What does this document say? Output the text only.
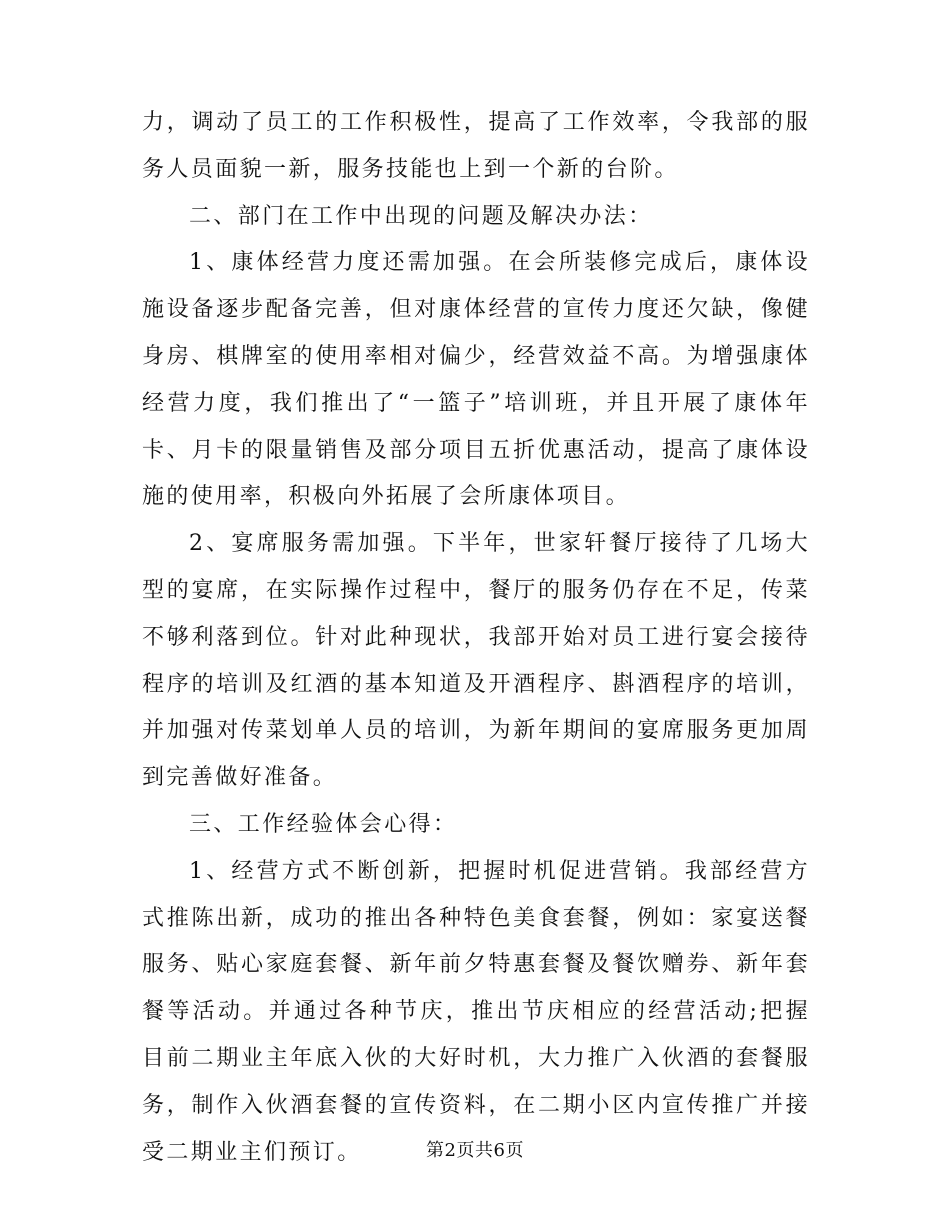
力，调动了员工的工作积极性，提高了工作效率，令我部的服务人员面貌一新，服务技能也上到一个新的台阶。

二、部门在工作中出现的问题及解决办法：

1、康体经营力度还需加强。在会所装修完成后，康体设施设备逐步配备完善，但对康体经营的宣传力度还欠缺，像健身房、棋牌室的使用率相对偏少，经营效益不高。为增强康体经营力度，我们推出了“一篮子”培训班，并且开展了康体年卡、月卡的限量销售及部分项目五折优惠活动，提高了康体设施的使用率，积极向外拓展了会所康体项目。

2、宴席服务需加强。下半年，世家轩餐厅接待了几场大型的宴席，在实际操作过程中，餐厅的服务仍存在不足，传菜不够利落到位。针对此种现状，我部开始对员工进行宴会接待程序的培训及红酒的基本知道及开酒程序、斟酒程序的培训，并加强对传菜划单人员的培训，为新年期间的宴席服务更加周到完善做好准备。

三、工作经验体会心得：

1、经营方式不断创新，把握时机促进营销。我部经营方式推陈出新，成功的推出各种特色美食套餐，例如：家宴送餐服务、贴心家庭套餐、新年前夕特惠套餐及餐饮赠券、新年套餐等活动。并通过各种节庆，推出节庆相应的经营活动;把握目前二期业主年底入伙的大好时机，大力推广入伙酒的套餐服务，制作入伙酒套餐的宣传资料，在二期小区内宣传推广并接受二期业主们预订。	第2页共6页
